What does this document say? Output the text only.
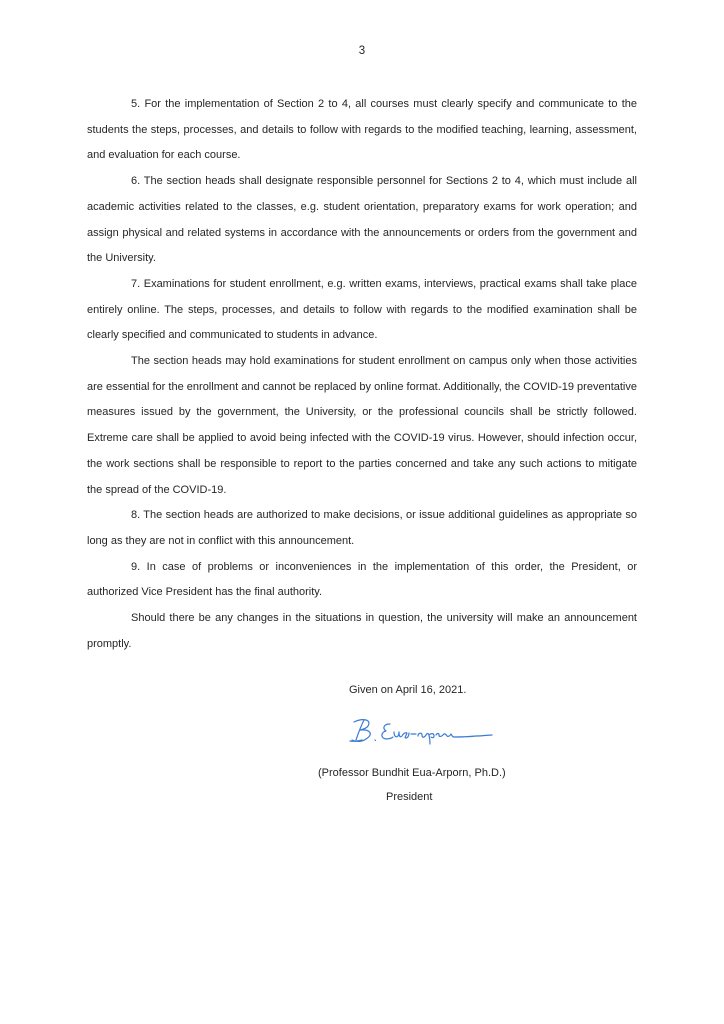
3

5. For the implementation of Section 2 to 4, all courses must clearly specify and communicate to the students the steps, processes, and details to follow with regards to the modified teaching, learning, assessment, and evaluation for each course.

6. The section heads shall designate responsible personnel for Sections 2 to 4, which must include all academic activities related to the classes, e.g. student orientation, preparatory exams for work operation; and assign physical and related systems in accordance with the announcements or orders from the government and the University.

7. Examinations for student enrollment, e.g. written exams, interviews, practical exams shall take place entirely online. The steps, processes, and details to follow with regards to the modified examination shall be clearly specified and communicated to students in advance.

The section heads may hold examinations for student enrollment on campus only when those activities are essential for the enrollment and cannot be replaced by online format. Additionally, the COVID-19 preventative measures issued by the government, the University, or the professional councils shall be strictly followed. Extreme care shall be applied to avoid being infected with the COVID-19 virus. However, should infection occur, the work sections shall be responsible to report to the parties concerned and take any such actions to mitigate the spread of the COVID-19.

8. The section heads are authorized to make decisions, or issue additional guidelines as appropriate so long as they are not in conflict with this announcement.

9. In case of problems or inconveniences in the implementation of this order, the President, or authorized Vice President has the final authority.

Should there be any changes in the situations in question, the university will make an announcement promptly.

Given on April 16, 2021.
(Professor Bundhit Eua-Arporn, Ph.D.)
President
